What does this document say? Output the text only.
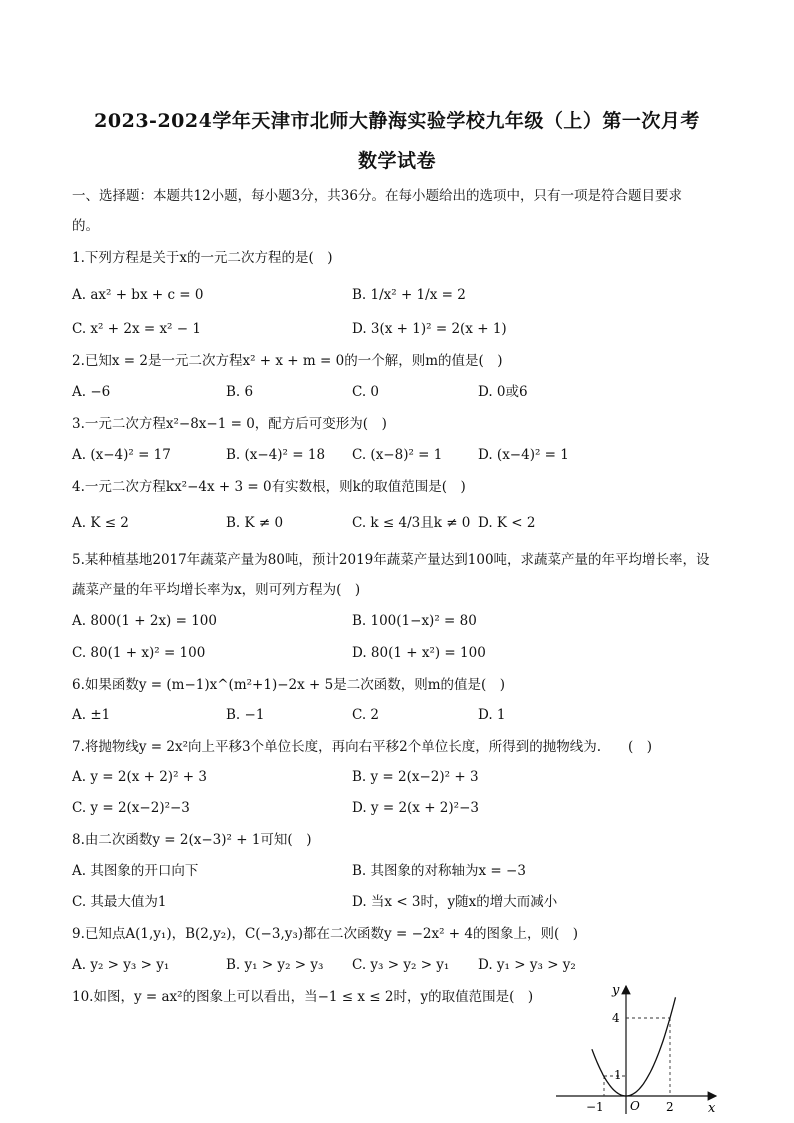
2023-2024学年天津市北师大静海实验学校九年级（上）第一次月考
数学试卷
一、选择题：本题共12小题，每小题3分，共36分。在每小题给出的选项中，只有一项是符合题目要求
的。
1.下列方程是关于x的一元二次方程的是(　)
A. ax² + bx + c = 0	B. 1/x² + 1/x = 2
C. x² + 2x = x² − 1	D. 3(x + 1)² = 2(x + 1)
2.已知x = 2是一元二次方程x² + x + m = 0的一个解，则m的值是(　)
A. −6	B. 6	C. 0	D. 0或6
3.一元二次方程x²−8x−1 = 0，配方后可变形为(　)
A. (x−4)² = 17	B. (x−4)² = 18 C. (x−8)² = 1	D. (x−4)² = 1
4.一元二次方程kx²−4x + 3 = 0有实数根，则k的取值范围是(　)
A. K ≤ 2	B. K ≠ 0	C. k ≤ 4/3且k ≠ 0 D. K < 2
5.某种植基地2017年蔬菜产量为80吨，预计2019年蔬菜产量达到100吨，求蔬菜产量的年平均增长率，设
蔬菜产量的年平均增长率为x，则可列方程为(　)
A. 800(1 + 2x) = 100	B. 100(1−x)² = 80
C. 80(1 + x)² = 100	D. 80(1 + x²) = 100
6.如果函数y = (m−1)x^(m²+1)−2x + 5是二次函数，则m的值是(　)
A. ±1	B. −1	C. 2	D. 1
7.将抛物线y = 2x²向上平移3个单位长度，再向右平移2个单位长度，所得到的抛物线为.　　(　)
A. y = 2(x + 2)² + 3	B. y = 2(x−2)² + 3
C. y = 2(x−2)²−3	D. y = 2(x + 2)²−3
8.由二次函数y = 2(x−3)² + 1可知(　)
A. 其图象的开口向下	B. 其图象的对称轴为x = −3
C. 其最大值为1	D. 当x < 3时，y随x的增大而减小
9.已知点A(1,y₁)，B(2,y₂)，C(−3,y₃)都在二次函数y = −2x² + 4的图象上，则(　)
A. y₂ > y₃ > y₁	B. y₁ > y₂ > y₃ C. y₃ > y₂ > y₁ D. y₁ > y₃ > y₂
10.如图，y = ax²的图象上可以看出，当−1 ≤ x ≤ 2时，y的取值范围是(　)	y
x
O
4
1
−1	2
